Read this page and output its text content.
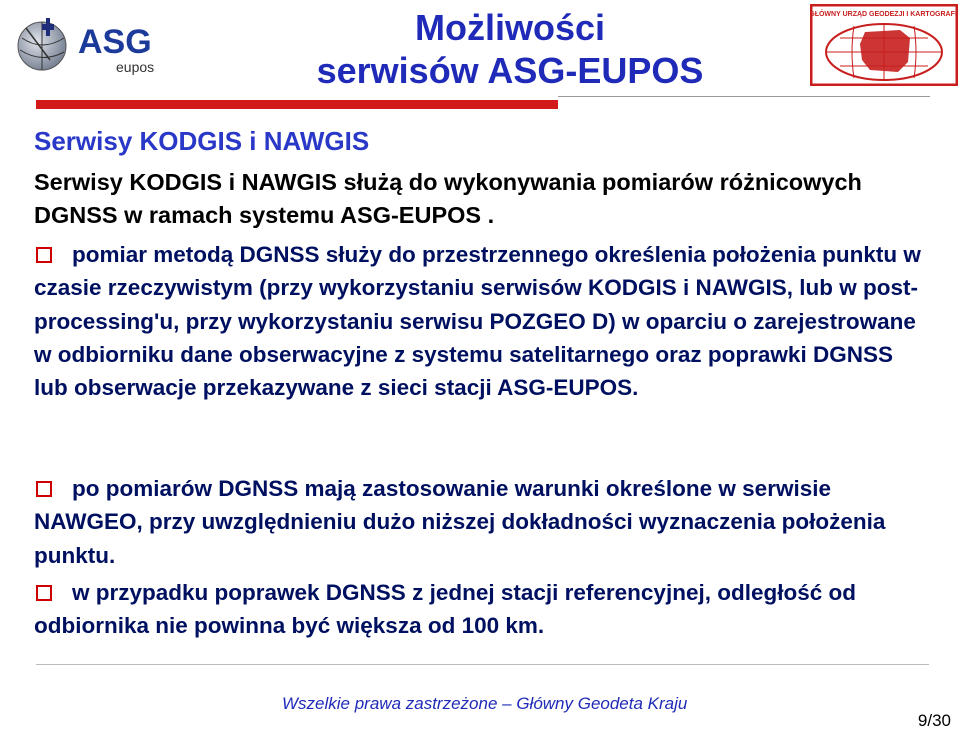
ASG
eupos
Możliwości
serwisów ASG-EUPOS
GŁÓWNY URZĄD GEODEZJI I KARTOGRAFII
Serwisy KODGIS i NAWGIS
Serwisy KODGIS i NAWGIS służą do wykonywania pomiarów różnicowych DGNSS w ramach systemu ASG-EUPOS .
pomiar metodą DGNSS służy do przestrzennego określenia położenia punktu w czasie rzeczywistym (przy wykorzystaniu serwisów KODGIS i NAWGIS, lub w post-processing'u, przy wykorzystaniu serwisu POZGEO D) w oparciu o zarejestrowane w odbiorniku dane obserwacyjne z systemu satelitarnego oraz poprawki DGNSS lub obserwacje przekazywane z sieci stacji ASG-EUPOS.
po pomiarów DGNSS mają zastosowanie warunki określone w serwisie NAWGEO, przy uwzględnieniu dużo niższej dokładności wyznaczenia położenia punktu.
w przypadku poprawek DGNSS z jednej stacji referencyjnej, odległość od odbiornika nie powinna być większa od 100 km.
Wszelkie prawa zastrzeżone – Główny Geodeta Kraju
9/30
